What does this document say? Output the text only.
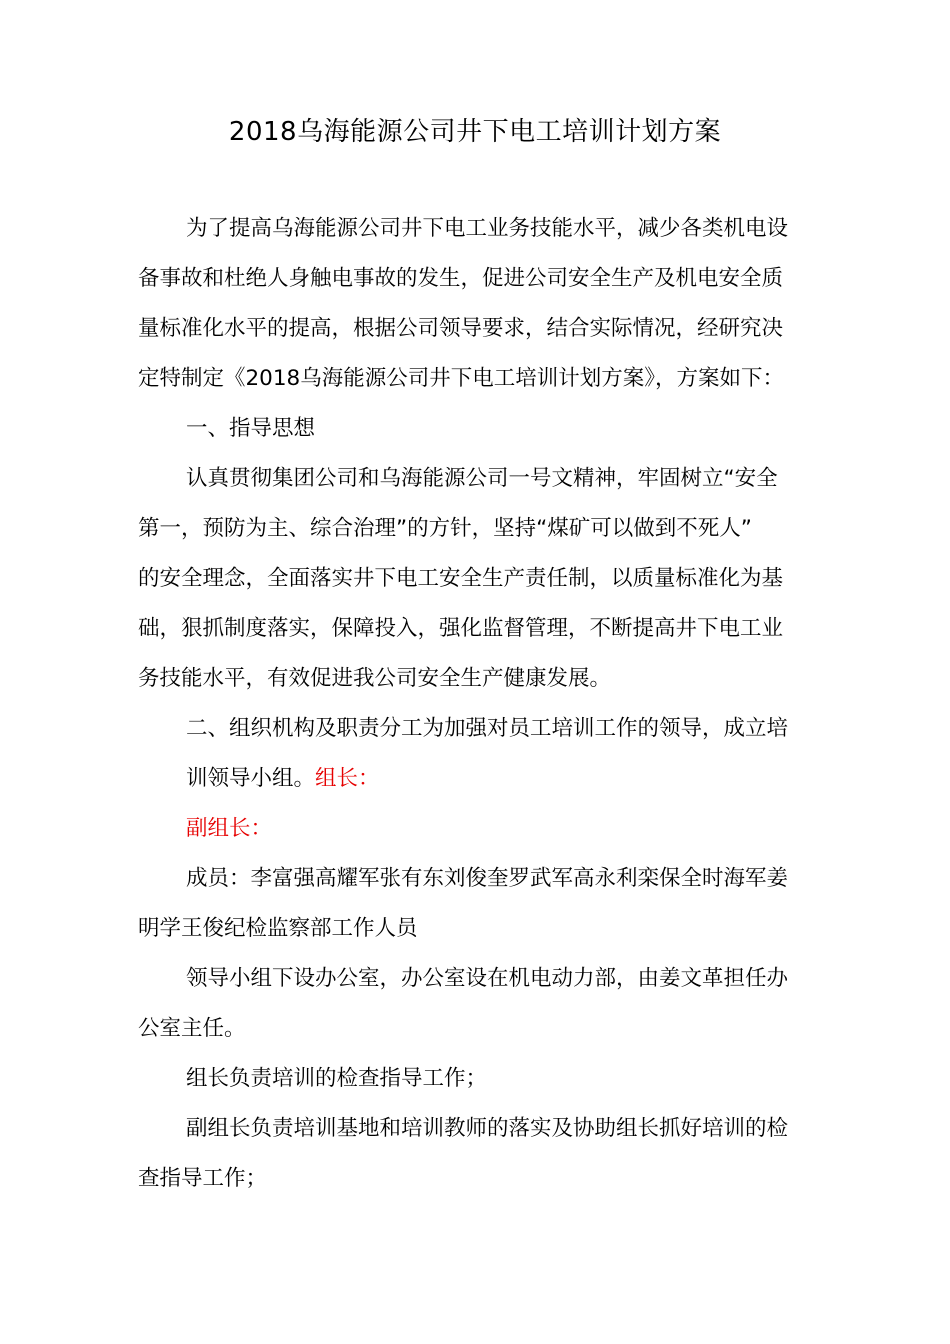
2018乌海能源公司井下电工培训计划方案
为了提高乌海能源公司井下电工业务技能水平，减少各类机电设
备事故和杜绝人身触电事故的发生，促进公司安全生产及机电安全质
量标准化水平的提高，根据公司领导要求，结合实际情况，经研究决
定特制定《2018乌海能源公司井下电工培训计划方案》，方案如下：
一、指导思想
认真贯彻集团公司和乌海能源公司一号文精神，牢固树立“安全
第一，预防为主、综合治理”的方针，坚持“煤矿可以做到不死人”
的安全理念，全面落实井下电工安全生产责任制，以质量标准化为基
础，狠抓制度落实，保障投入，强化监督管理，不断提高井下电工业
务技能水平，有效促进我公司安全生产健康发展。
二、组织机构及职责分工为加强对员工培训工作的领导，成立培
训领导小组。组长：
副组长：
成员：李富强高耀军张有东刘俊奎罗武军高永利栾保全时海军姜
明学王俊纪检监察部工作人员
领导小组下设办公室，办公室设在机电动力部，由姜文革担任办
公室主任。
组长负责培训的检查指导工作；
副组长负责培训基地和培训教师的落实及协助组长抓好培训的检
查指导工作；
